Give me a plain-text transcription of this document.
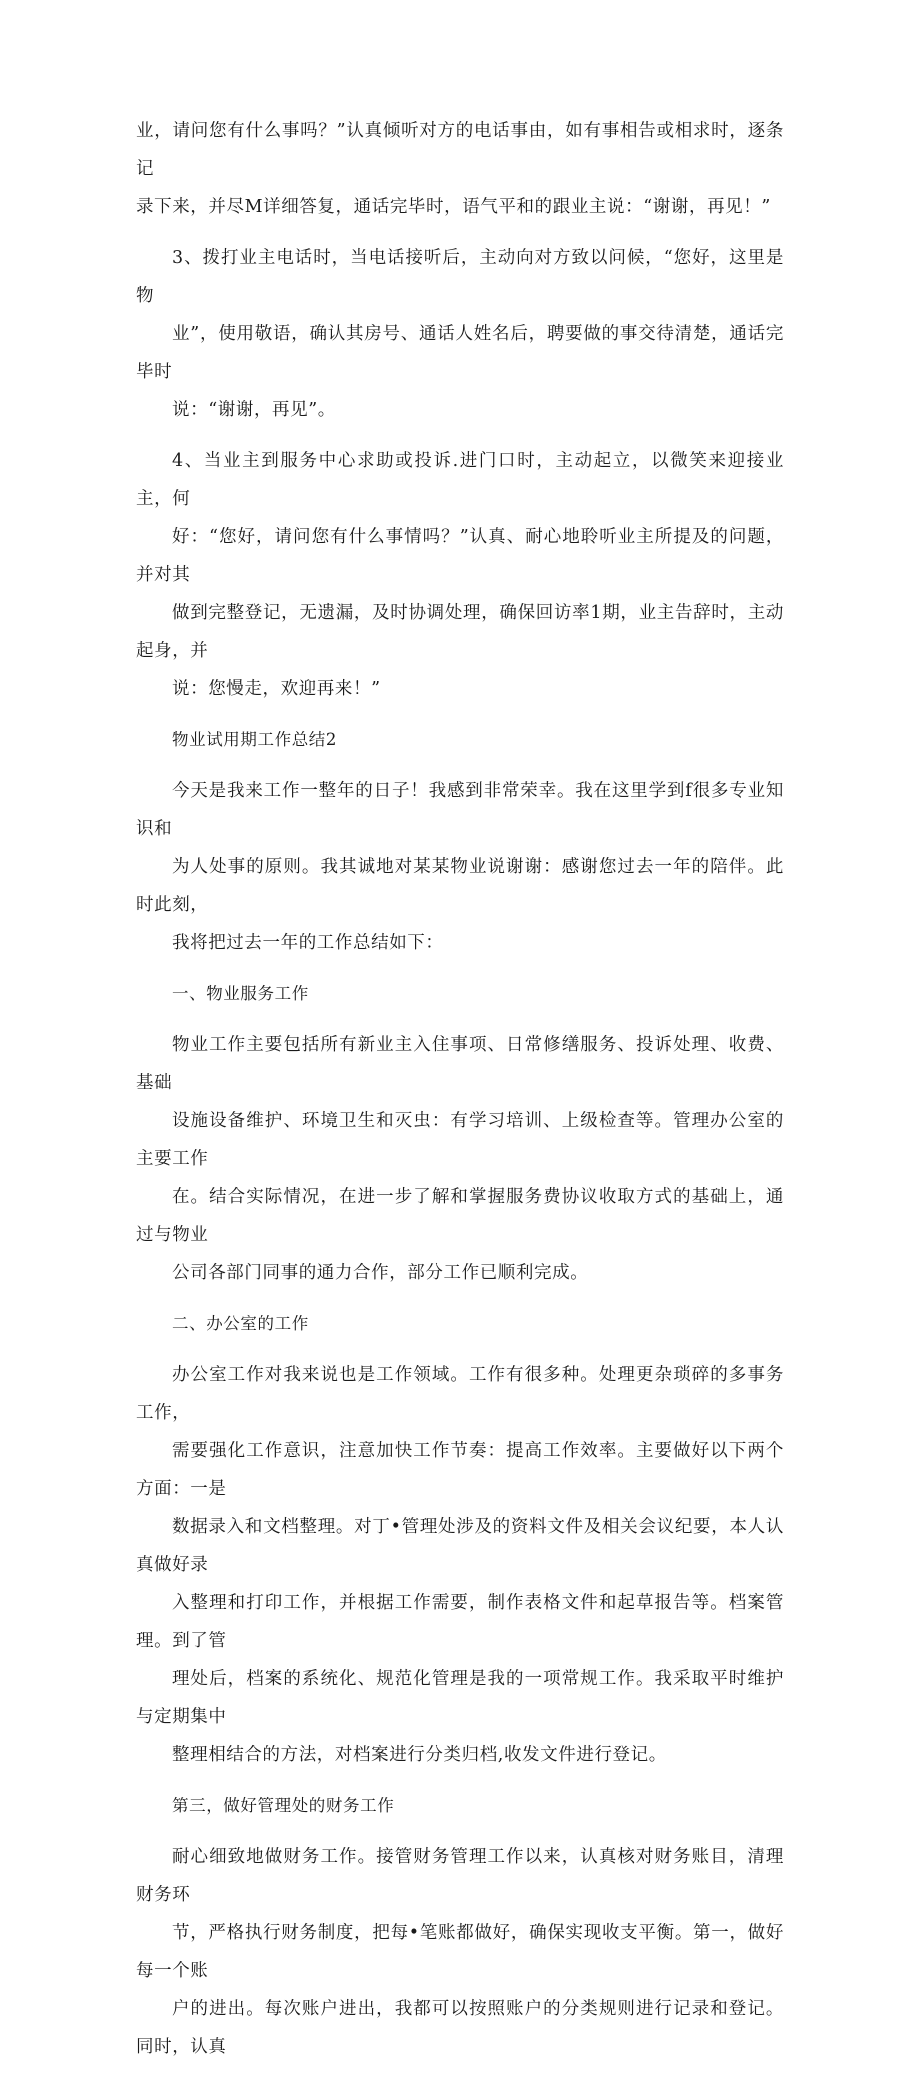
业，请问您有什么事吗？”认真倾听对方的电话事由，如有事相告或相求时，逐条记
录下来，并尽M详细答复，通话完毕时，语气平和的跟业主说：“谢谢，再见！”
3、拨打业主电话时，当电话接听后，主动向对方致以问候，“您好，这里是物
业”，使用敬语，确认其房号、通话人姓名后，聘要做的事交待清楚，通话完毕时
说：“谢谢，再见”。
4、当业主到服务中心求助或投诉.进门口时，主动起立，以微笑来迎接业主，何
好：“您好，请问您有什么事情吗？”认真、耐心地聆听业主所提及的问题，并对其
做到完整登记，无遗漏，及时协调处理，确保回访率1期，业主告辞时，主动起身，并
说：您慢走，欢迎再来！”
物业试用期工作总结2
今天是我来工作一整年的日子！我感到非常荣幸。我在这里学到f很多专业知识和
为人处事的原则。我其诚地对某某物业说谢谢：感谢您过去一年的陪伴。此时此刻，
我将把过去一年的工作总结如下：
一、物业服务工作
物业工作主要包括所有新业主入住事项、日常修缮服务、投诉处理、收费、基础
设施设备维护、环境卫生和灭虫：有学习培训、上级检查等。管理办公室的主要工作
在。结合实际情况，在进一步了解和掌握服务费协议收取方式的基础上，通过与物业
公司各部门同事的通力合作，部分工作已顺利完成。
二、办公室的工作
办公室工作对我来说也是工作领域。工作有很多种。处理更杂琐碎的多事务工作，
需要强化工作意识，注意加快工作节奏：提高工作效率。主要做好以下两个方面：一是
数据录入和文档整理。对丁•管理处涉及的资料文件及相关会议纪要，本人认真做好录
入整理和打印工作，并根据工作需要，制作表格文件和起草报告等。档案管理。到了管
理处后，档案的系统化、规范化管理是我的一项常规工作。我采取平时维护与定期集中
整理相结合的方法，对档案进行分类归档,收发文件进行登记。
第三，做好管理处的财务工作
耐心细致地做财务工作。接管财务管理工作以来，认真核对财务账目，清理财务环
节，严格执行财务制度，把每•笔账都做好，确保实现收支平衡。第一，做好每一个账
户的进出。每次账户进出，我都可以按照账户的分类规则进行记录和登记。同时，认真
